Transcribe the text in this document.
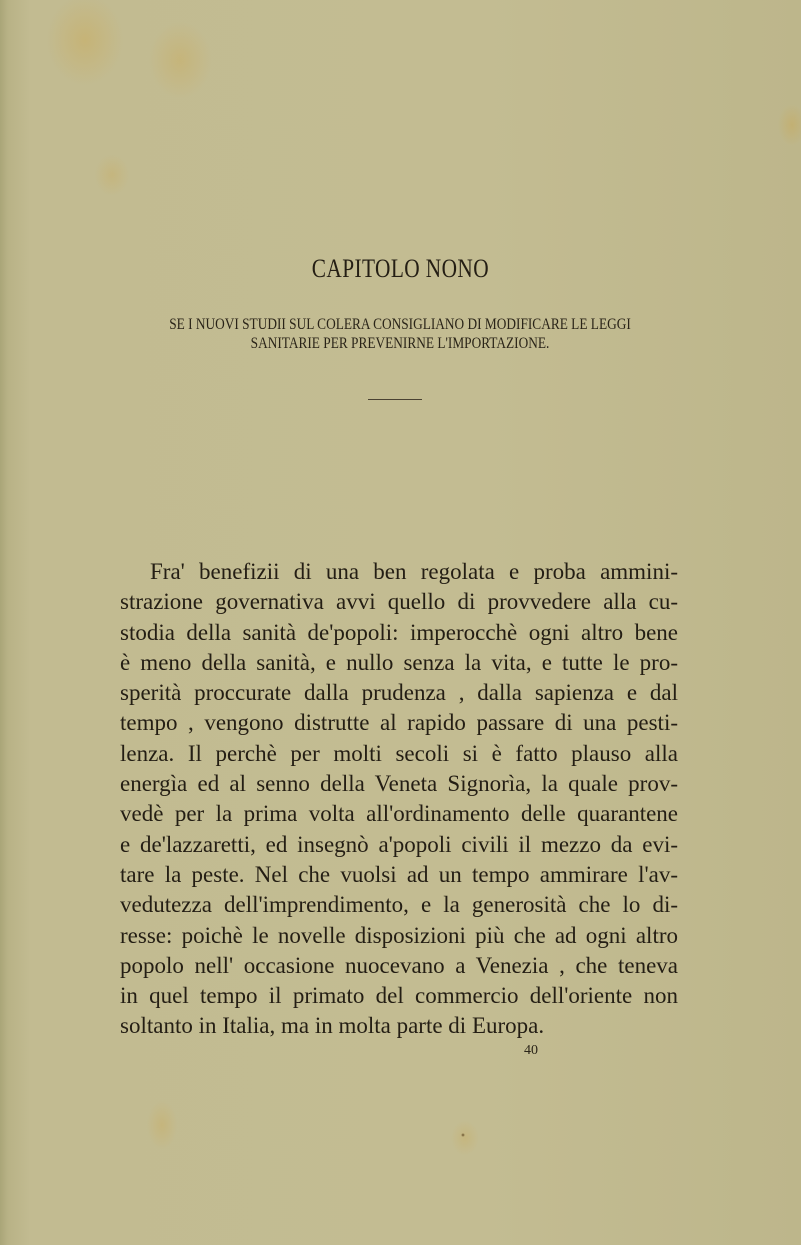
CAPITOLO NONO
SE I NUOVI STUDII SUL COLERA CONSIGLIANO DI MODIFICARE LE LEGGI
SANITARIE PER PREVENIRNE L'IMPORTAZIONE.
Fra' benefizii di una ben regolata e proba ammini-
strazione governativa avvi quello di provvedere alla cu-
stodia della sanità de'popoli: imperocchè ogni altro bene
è meno della sanità, e nullo senza la vita, e tutte le pro-
sperità proccurate dalla prudenza , dalla sapienza e dal
tempo , vengono distrutte al rapido passare di una pesti-
lenza. Il perchè per molti secoli si è fatto plauso alla
energìa ed al senno della Veneta Signorìa, la quale prov-
vedè per la prima volta all'ordinamento delle quarantene
e de'lazzaretti, ed insegnò a'popoli civili il mezzo da evi-
tare la peste. Nel che vuolsi ad un tempo ammirare l'av-
vedutezza dell'imprendimento, e la generosità che lo di-
resse: poichè le novelle disposizioni più che ad ogni altro
popolo nell' occasione nuocevano a Venezia , che teneva
in quel tempo il primato del commercio dell'oriente non
soltanto in Italia, ma in molta parte di Europa.
40
